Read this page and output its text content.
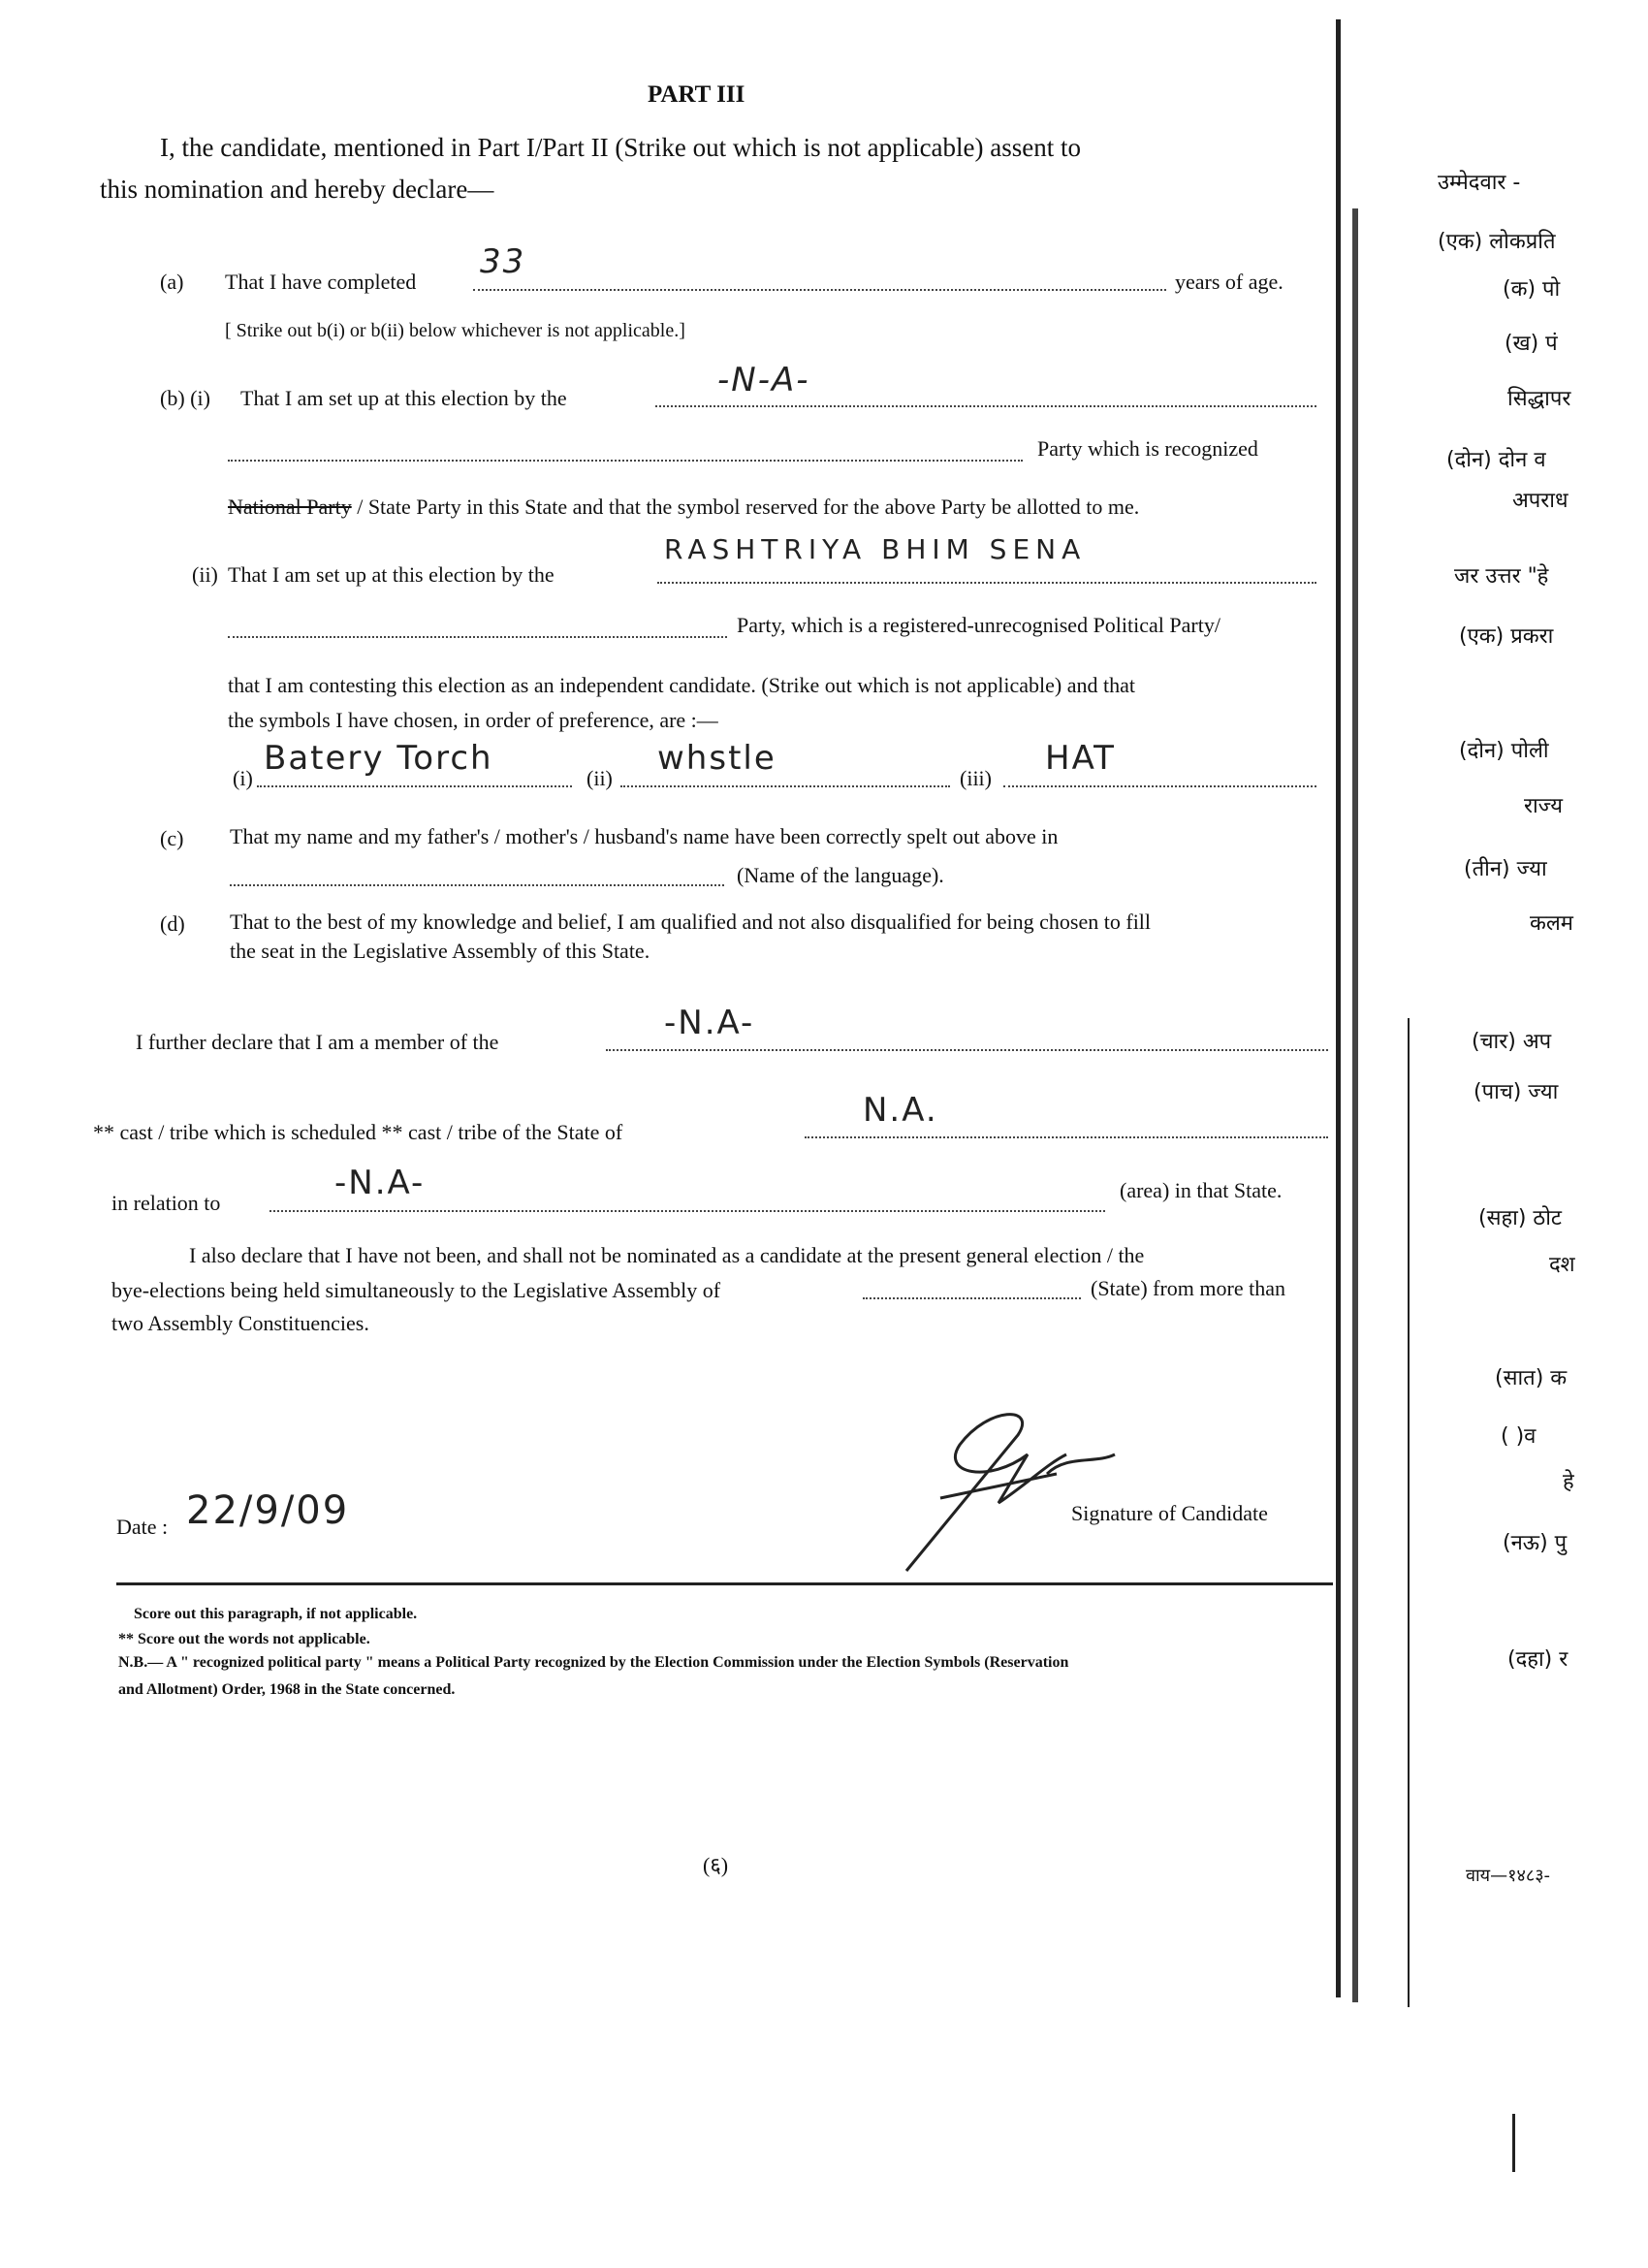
PART III
I, the candidate, mentioned in Part I/Part II (Strike out which is not applicable) assent to
this nomination and hereby declare—
(a) That I have completed
33
years of age.
[ Strike out b(i) or b(ii) below whichever is not applicable.]
(b) (i) That I am set up at this election by the	-N-A-
Party which is recognized
National Party / State Party in this State and that the symbol reserved for the above Party be allotted to me.
(ii) That I am set up at this election by the
RASHTRIYA BHIM SENA
Party, which is a registered-unrecognised Political Party/
that I am contesting this election as an independent candidate. (Strike out which is not applicable) and that
the symbols I have chosen, in order of preference, are :—
(i)
Batery Torch
(ii)
whstle
(iii)
HAT
(c) That my name and my father's / mother's / husband's name have been correctly spelt out above in
(Name of the language).
(d) That to the best of my knowledge and belief, I am qualified and not also disqualified for being chosen to fill
the seat in the Legislative Assembly of this State.
I further declare that I am a member of the	-N.A-
** cast / tribe which is scheduled ** cast / tribe of the State of
N.A.
in relation to
-N.A-	(area) in that State.
I also declare that I have not been, and shall not be nominated as a candidate at the present general election / the
bye-elections being held simultaneously to the Legislative Assembly of	(State) from more than
two Assembly Constituencies.
Date : 22/9/09	Signature of Candidate
Score out this paragraph, if not applicable.
** Score out the words not applicable.
N.B.— A " recognized political party " means a Political Party recognized by the Election Commission under the Election Symbols (Reservation
and Allotment) Order, 1968 in the State concerned.
(६)
उम्मेदवार -
(एक) लोकप्रति
(क) पो
(ख) पं
सिद्धापर
(दोन) दोन व
अपराध
जर उत्तर "हे
(एक) प्रकरा
(दोन) पोली
राज्य
(तीन) ज्या
कलम
(चार) अप
(पाच) ज्या
(सहा) ठोट
दश
(सात) क
( )व
हे
(नऊ) पु
(दहा) र
वाय—१४८३-
